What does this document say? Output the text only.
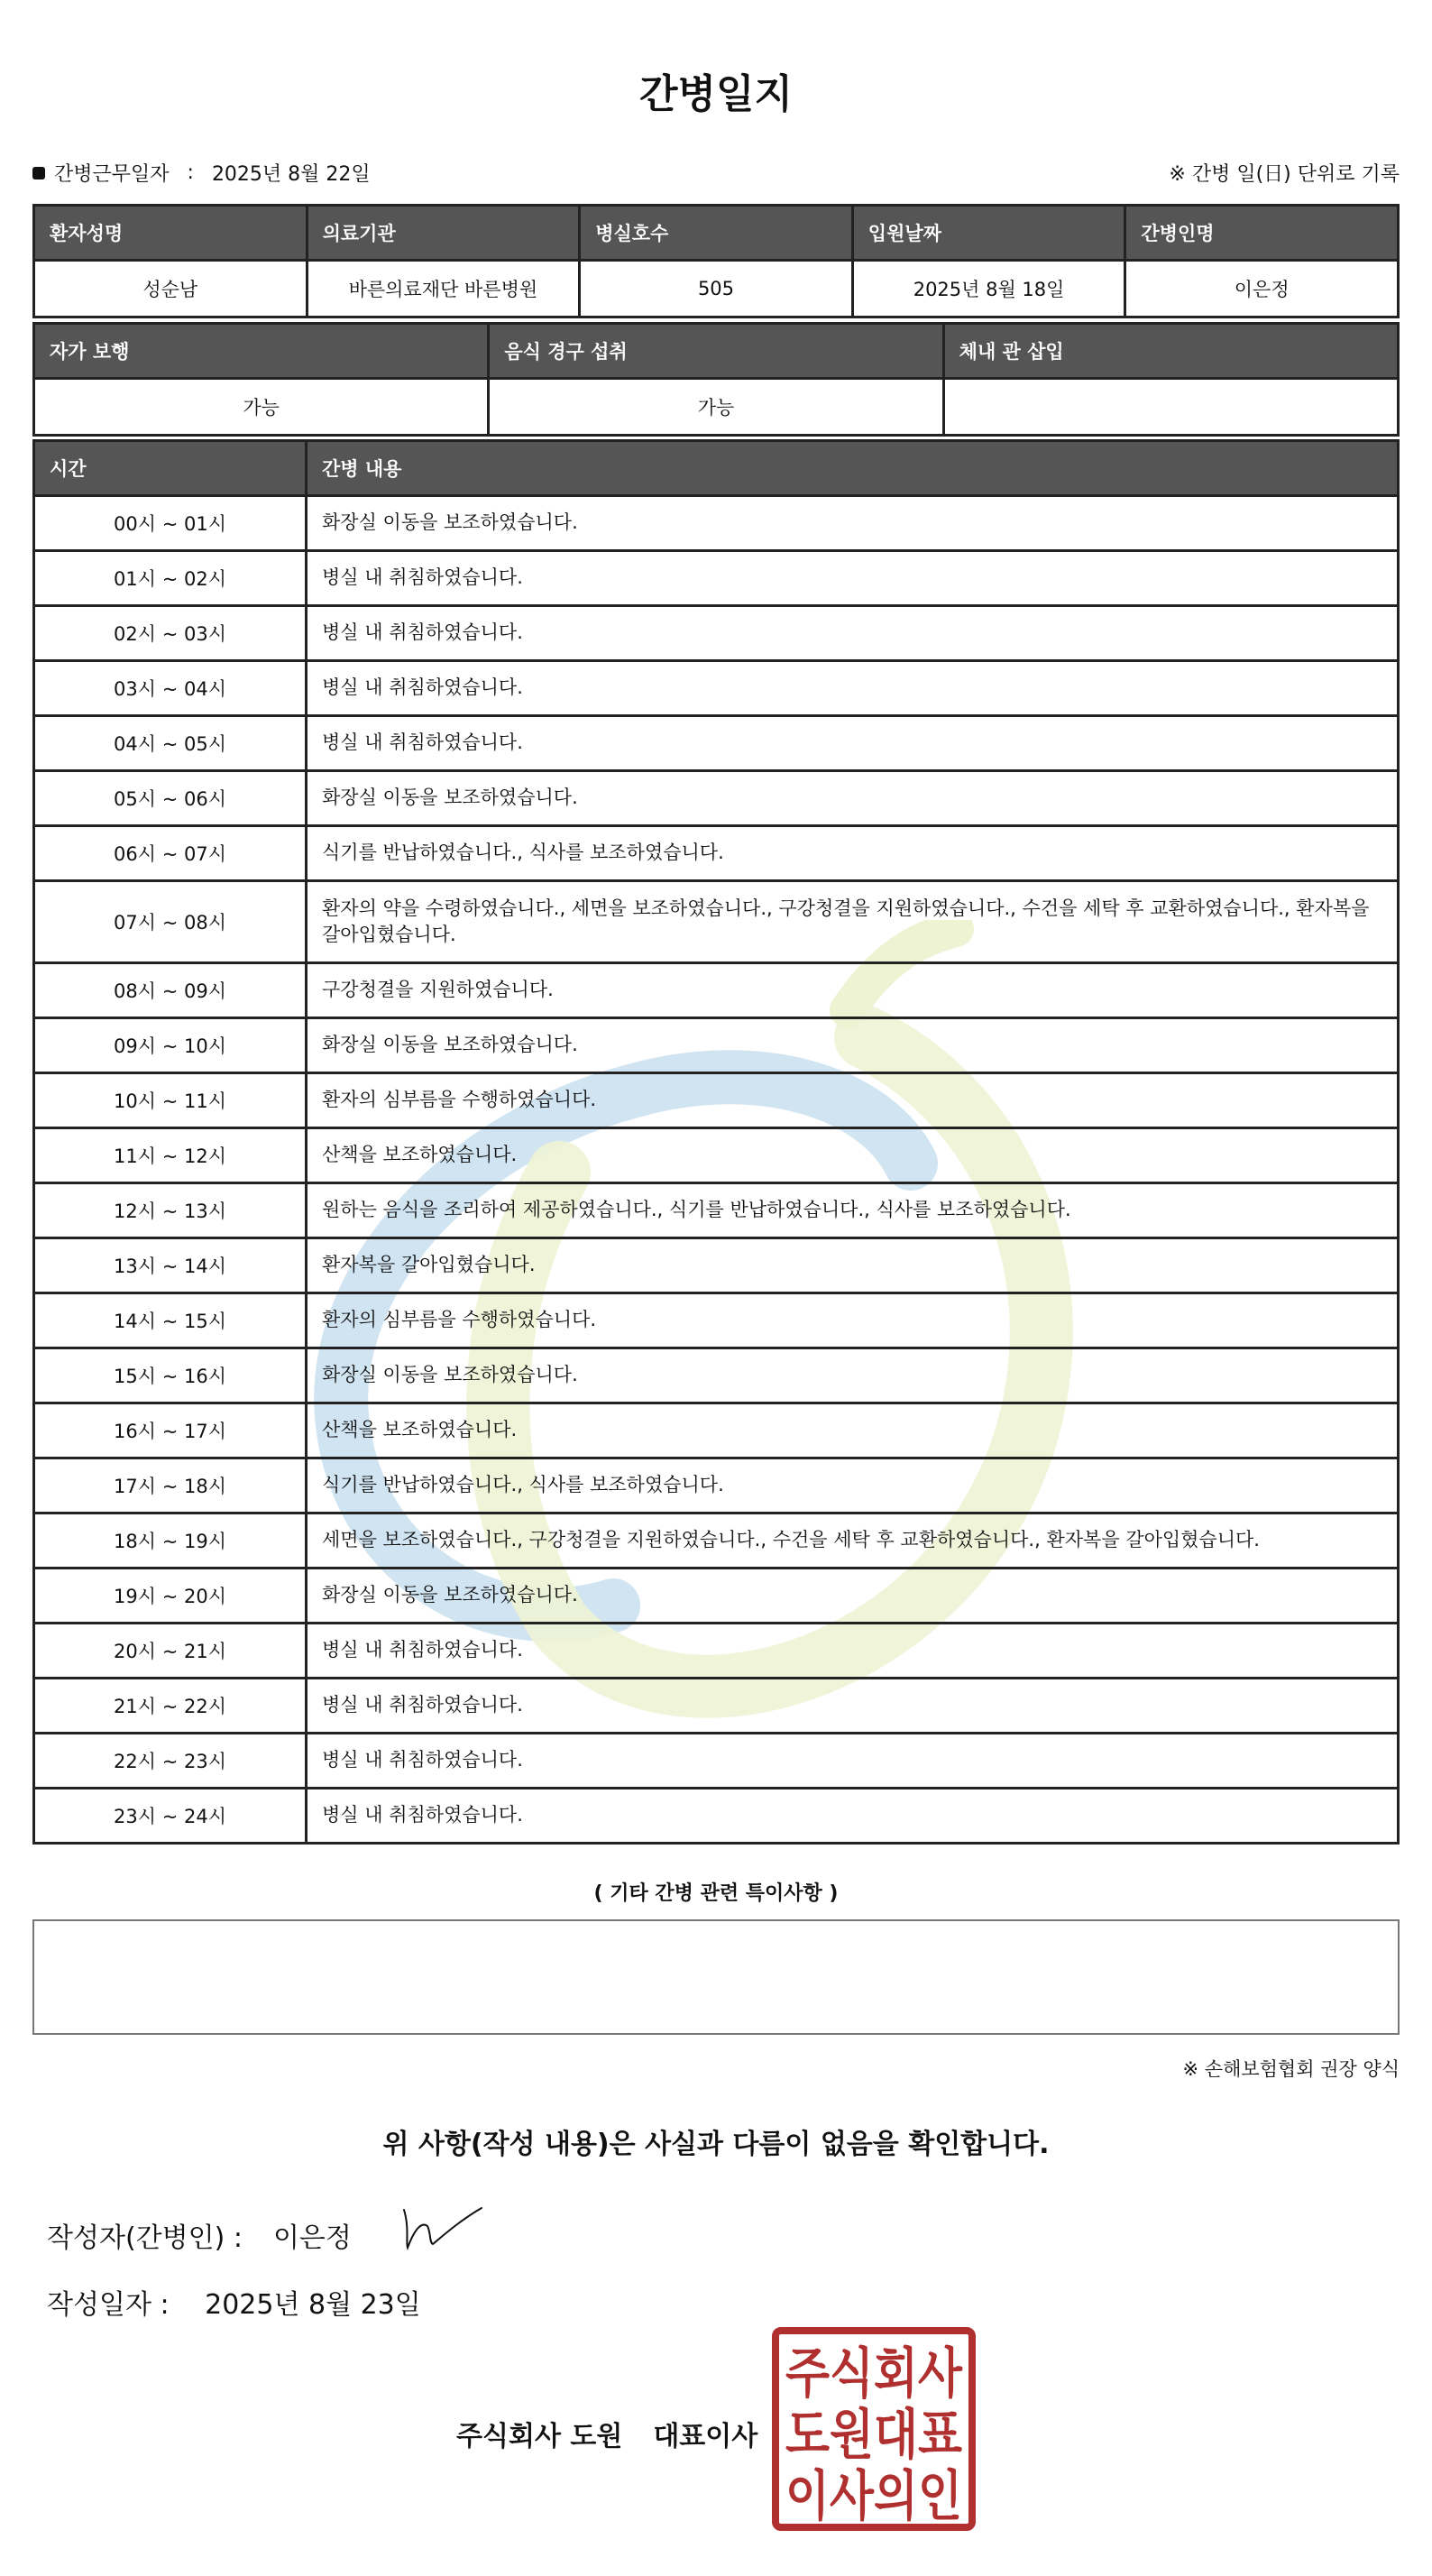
간병일지
간병근무일자 : 2025년 8월 22일	※ 간병 일(日) 단위로 기록
환자성명	의료기관	병실호수	입원날짜	간병인명
성순남	바른의료재단 바른병원	505	2025년 8월 18일	이은정
자가 보행	음식 경구 섭취	체내 관 삽입
가능	가능	
시간	간병 내용
00시 ~ 01시	화장실 이동을 보조하였습니다.
01시 ~ 02시	병실 내 취침하였습니다.
02시 ~ 03시	병실 내 취침하였습니다.
03시 ~ 04시	병실 내 취침하였습니다.
04시 ~ 05시	병실 내 취침하였습니다.
05시 ~ 06시	화장실 이동을 보조하였습니다.
06시 ~ 07시	식기를 반납하였습니다., 식사를 보조하였습니다.
07시 ~ 08시	환자의 약을 수령하였습니다., 세면을 보조하였습니다., 구강청결을 지원하였습니다., 수건을 세탁 후 교환하였습니다., 환자복을 갈아입혔습니다.
08시 ~ 09시	구강청결을 지원하였습니다.
09시 ~ 10시	화장실 이동을 보조하였습니다.
10시 ~ 11시	환자의 심부름을 수행하였습니다.
11시 ~ 12시	산책을 보조하였습니다.
12시 ~ 13시	원하는 음식을 조리하여 제공하였습니다., 식기를 반납하였습니다., 식사를 보조하였습니다.
13시 ~ 14시	환자복을 갈아입혔습니다.
14시 ~ 15시	환자의 심부름을 수행하였습니다.
15시 ~ 16시	화장실 이동을 보조하였습니다.
16시 ~ 17시	산책을 보조하였습니다.
17시 ~ 18시	식기를 반납하였습니다., 식사를 보조하였습니다.
18시 ~ 19시	세면을 보조하였습니다., 구강청결을 지원하였습니다., 수건을 세탁 후 교환하였습니다., 환자복을 갈아입혔습니다.
19시 ~ 20시	화장실 이동을 보조하였습니다.
20시 ~ 21시	병실 내 취침하였습니다.
21시 ~ 22시	병실 내 취침하였습니다.
22시 ~ 23시	병실 내 취침하였습니다.
23시 ~ 24시	병실 내 취침하였습니다.
( 기타 간병 관련 특이사항 )
※ 손해보험협회 권장 양식
위 사항(작성 내용)은 사실과 다름이 없음을 확인합니다.
작성자(간병인) : 이은정
작성일자 : 2025년 8월 23일
주식회사 도원 대표이사
주식회사
도원대표
이사의인
